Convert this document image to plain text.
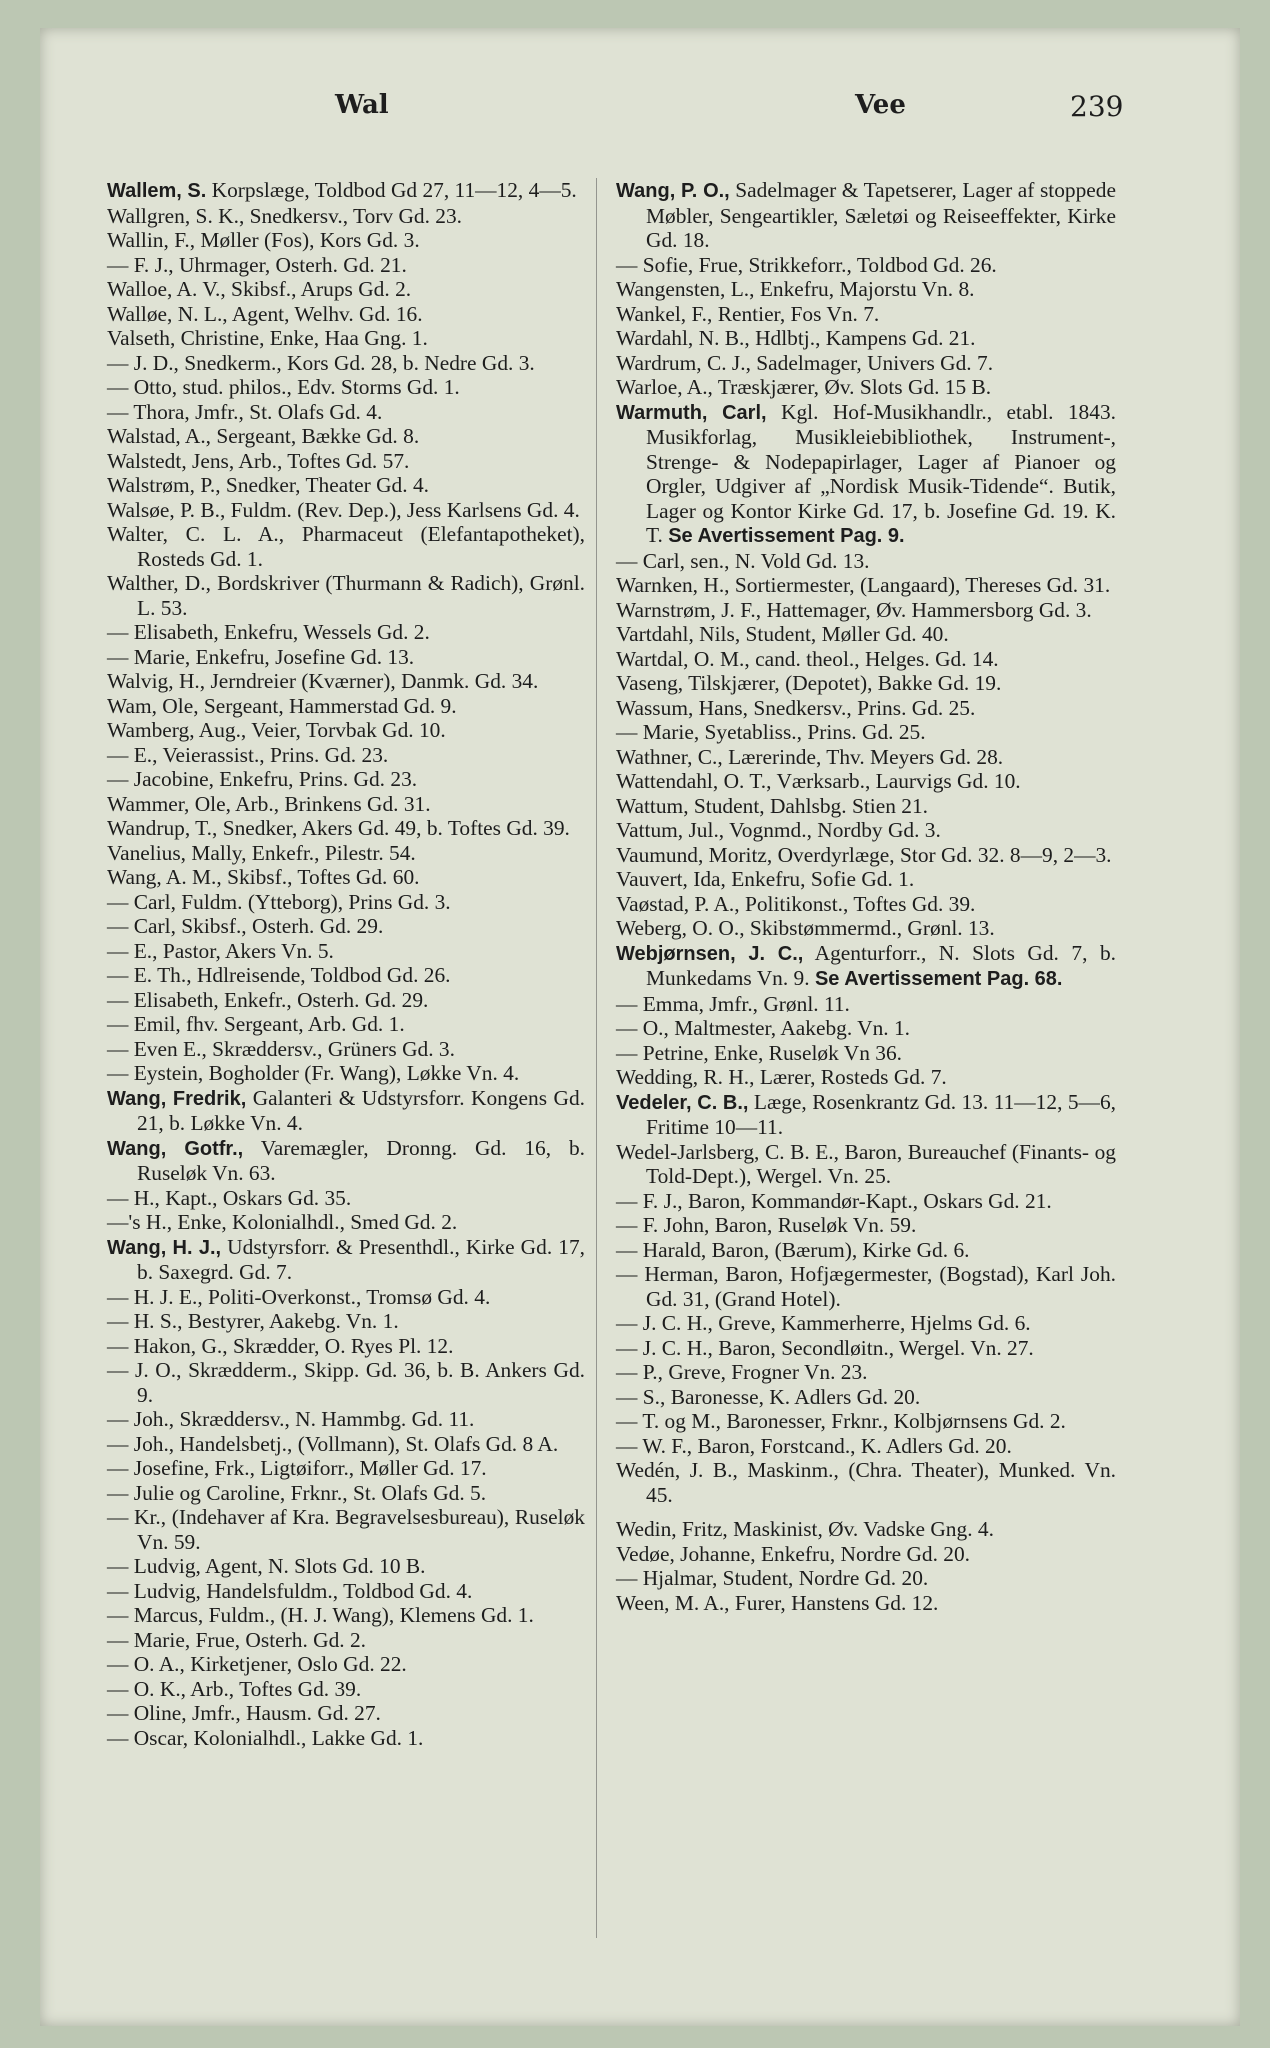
Wal	Vee	239

Wallem, S. Korpslæge, Toldbod Gd 27, 11—12, 4—5.

Wallgren, S. K., Snedkersv., Torv Gd. 23.

Wallin, F., Møller (Fos), Kors Gd. 3.

— F. J., Uhrmager, Osterh. Gd. 21.

Walloe, A. V., Skibsf., Arups Gd. 2.

Walløe, N. L., Agent, Welhv. Gd. 16.

Valseth, Christine, Enke, Haa Gng. 1.

— J. D., Snedkerm., Kors Gd. 28, b. Nedre Gd. 3.

— Otto, stud. philos., Edv. Storms Gd. 1.

— Thora, Jmfr., St. Olafs Gd. 4.

Walstad, A., Sergeant, Bække Gd. 8.

Walstedt, Jens, Arb., Toftes Gd. 57.

Walstrøm, P., Snedker, Theater Gd. 4.

Walsøe, P. B., Fuldm. (Rev. Dep.), Jess Karlsens Gd. 4.

Walter, C. L. A., Pharmaceut (Elefantapotheket), Rosteds Gd. 1.

Walther, D., Bordskriver (Thurmann & Radich), Grønl. L. 53.

— Elisabeth, Enkefru, Wessels Gd. 2.

— Marie, Enkefru, Josefine Gd. 13.

Walvig, H., Jerndreier (Kværner), Danmk. Gd. 34.

Wam, Ole, Sergeant, Hammerstad Gd. 9.

Wamberg, Aug., Veier, Torvbak Gd. 10.

— E., Veierassist., Prins. Gd. 23.

— Jacobine, Enkefru, Prins. Gd. 23.

Wammer, Ole, Arb., Brinkens Gd. 31.

Wandrup, T., Snedker, Akers Gd. 49, b. Toftes Gd. 39.

Vanelius, Mally, Enkefr., Pilestr. 54.

Wang, A. M., Skibsf., Toftes Gd. 60.

— Carl, Fuldm. (Ytteborg), Prins Gd. 3.

— Carl, Skibsf., Osterh. Gd. 29.

— E., Pastor, Akers Vn. 5.

— E. Th., Hdlreisende, Toldbod Gd. 26.

— Elisabeth, Enkefr., Osterh. Gd. 29.

— Emil, fhv. Sergeant, Arb. Gd. 1.

— Even E., Skræddersv., Grüners Gd. 3.

— Eystein, Bogholder (Fr. Wang), Løkke Vn. 4.

Wang, Fredrik, Galanteri & Udstyrsforr. Kongens Gd. 21, b. Løkke Vn. 4.

Wang, Gotfr., Varemægler, Dronng. Gd. 16, b. Ruseløk Vn. 63.

— H., Kapt., Oskars Gd. 35.

—'s H., Enke, Kolonialhdl., Smed Gd. 2.

Wang, H. J., Udstyrsforr. & Presenthdl., Kirke Gd. 17, b. Saxegrd. Gd. 7.

— H. J. E., Politi-Overkonst., Tromsø Gd. 4.

— H. S., Bestyrer, Aakebg. Vn. 1.

— Hakon, G., Skrædder, O. Ryes Pl. 12.

— J. O., Skrædderm., Skipp. Gd. 36, b. B. Ankers Gd. 9.

— Joh., Skræddersv., N. Hammbg. Gd. 11.

— Joh., Handelsbetj., (Vollmann), St. Olafs Gd. 8 A.

— Josefine, Frk., Ligtøiforr., Møller Gd. 17.

— Julie og Caroline, Frknr., St. Olafs Gd. 5.

— Kr., (Indehaver af Kra. Begravelsesbureau), Ruseløk Vn. 59.

— Ludvig, Agent, N. Slots Gd. 10 B.

— Ludvig, Handelsfuldm., Toldbod Gd. 4.

— Marcus, Fuldm., (H. J. Wang), Klemens Gd. 1.

— Marie, Frue, Osterh. Gd. 2.

— O. A., Kirketjener, Oslo Gd. 22.

— O. K., Arb., Toftes Gd. 39.

— Oline, Jmfr., Hausm. Gd. 27.

— Oscar, Kolonialhdl., Lakke Gd. 1.

Wang, P. O., Sadelmager & Tapetserer, Lager af stoppede Møbler, Sengeartikler, Sæletøi og Reiseeffekter, Kirke Gd. 18.

— Sofie, Frue, Strikkeforr., Toldbod Gd. 26.

Wangensten, L., Enkefru, Majorstu Vn. 8.

Wankel, F., Rentier, Fos Vn. 7.

Wardahl, N. B., Hdlbtj., Kampens Gd. 21.

Wardrum, C. J., Sadelmager, Univers Gd. 7.

Warloe, A., Træskjærer, Øv. Slots Gd. 15 B.

Warmuth, Carl, Kgl. Hof-Musikhandlr., etabl. 1843. Musikforlag, Musikleiebibliothek, Instrument-, Strenge- & Nodepapirlager, Lager af Pianoer og Orgler, Udgiver af „Nordisk Musik-Tidende“. Butik, Lager og Kontor Kirke Gd. 17, b. Josefine Gd. 19. K. T. Se Avertissement Pag. 9.

— Carl, sen., N. Vold Gd. 13.

Warnken, H., Sortiermester, (Langaard), Thereses Gd. 31.

Warnstrøm, J. F., Hattemager, Øv. Hammersborg Gd. 3.

Vartdahl, Nils, Student, Møller Gd. 40.

Wartdal, O. M., cand. theol., Helges. Gd. 14.

Vaseng, Tilskjærer, (Depotet), Bakke Gd. 19.

Wassum, Hans, Snedkersv., Prins. Gd. 25.

— Marie, Syetabliss., Prins. Gd. 25.

Wathner, C., Lærerinde, Thv. Meyers Gd. 28.

Wattendahl, O. T., Værksarb., Laurvigs Gd. 10.

Wattum, Student, Dahlsbg. Stien 21.

Vattum, Jul., Vognmd., Nordby Gd. 3.

Vaumund, Moritz, Overdyrlæge, Stor Gd. 32. 8—9, 2—3.

Vauvert, Ida, Enkefru, Sofie Gd. 1.

Vaøstad, P. A., Politikonst., Toftes Gd. 39.

Weberg, O. O., Skibstømmermd., Grønl. 13.

Webjørnsen, J. C., Agenturforr., N. Slots Gd. 7, b. Munkedams Vn. 9. Se Avertissement Pag. 68.

— Emma, Jmfr., Grønl. 11.

— O., Maltmester, Aakebg. Vn. 1.

— Petrine, Enke, Ruseløk Vn 36.

Wedding, R. H., Lærer, Rosteds Gd. 7.

Vedeler, C. B., Læge, Rosenkrantz Gd. 13. 11—12, 5—6, Fritime 10—11.

Wedel-Jarlsberg, C. B. E., Baron, Bureauchef (Finants- og Told-Dept.), Wergel. Vn. 25.

— F. J., Baron, Kommandør-Kapt., Oskars Gd. 21.

— F. John, Baron, Ruseløk Vn. 59.

— Harald, Baron, (Bærum), Kirke Gd. 6.

— Herman, Baron, Hofjægermester, (Bogstad), Karl Joh. Gd. 31, (Grand Hotel).

— J. C. H., Greve, Kammerherre, Hjelms Gd. 6.

— J. C. H., Baron, Secondløitn., Wergel. Vn. 27.

— P., Greve, Frogner Vn. 23.

— S., Baronesse, K. Adlers Gd. 20.

— T. og M., Baronesser, Frknr., Kolbjørnsens Gd. 2.

— W. F., Baron, Forstcand., K. Adlers Gd. 20.

Wedén, J. B., Maskinm., (Chra. Theater), Munked. Vn. 45.

Wedin, Fritz, Maskinist, Øv. Vadske Gng. 4.

Vedøe, Johanne, Enkefru, Nordre Gd. 20.

— Hjalmar, Student, Nordre Gd. 20.

Ween, M. A., Furer, Hanstens Gd. 12.
